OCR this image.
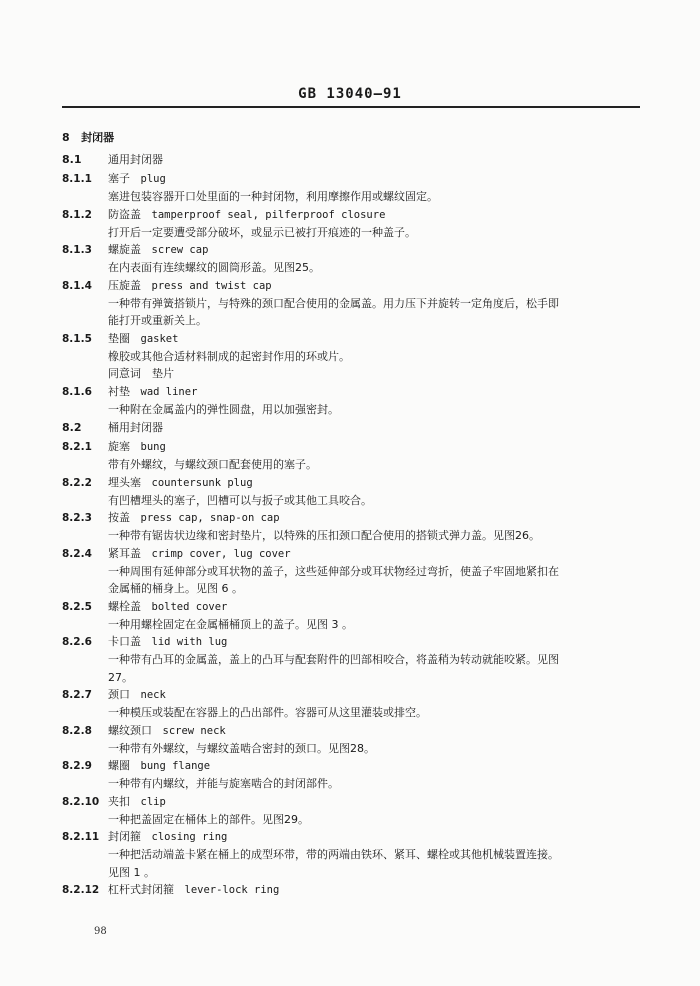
GB 13040—91
8 封闭器
8.1 通用封闭器
8.1.1	塞子 plug
塞进包装容器开口处里面的一种封闭物，利用摩擦作用或螺纹固定。
8.1.2	防盗盖 tamperproof seal, pilferproof closure
打开后一定要遭受部分破坏，或显示已被打开痕迹的一种盖子。
8.1.3	螺旋盖 screw cap
在内表面有连续螺纹的圆筒形盖。见图25。
8.1.4	压旋盖 press and twist cap
一种带有弹簧搭锁片，与特殊的颈口配合使用的金属盖。用力压下并旋转一定角度后，松手即
能打开或重新关上。
8.1.5	垫圈 gasket
橡胶或其他合适材料制成的起密封作用的环或片。
同意词　垫片
8.1.6	衬垫 wad liner
一种附在金属盖内的弹性圆盘，用以加强密封。
8.2 桶用封闭器
8.2.1	旋塞 bung
带有外螺纹，与螺纹颈口配套使用的塞子。
8.2.2	埋头塞 countersunk plug
有凹槽埋头的塞子，凹槽可以与扳子或其他工具咬合。
8.2.3	按盖 press cap, snap-on cap
一种带有锯齿状边缘和密封垫片，以特殊的压扣颈口配合使用的搭锁式弹力盖。见图26。
8.2.4	紧耳盖 crimp cover, lug cover
一种周围有延伸部分或耳状物的盖子，这些延伸部分或耳状物经过弯折，使盖子牢固地紧扣在
金属桶的桶身上。见图 6 。
8.2.5	螺栓盖 bolted cover
一种用螺栓固定在金属桶桶顶上的盖子。见图 3 。
8.2.6	卡口盖 lid with lug
一种带有凸耳的金属盖，盖上的凸耳与配套附件的凹部相咬合，将盖稍为转动就能咬紧。见图
27。
8.2.7	颈口 neck
一种模压或装配在容器上的凸出部件。容器可从这里灌装或排空。
8.2.8	螺纹颈口 screw neck
一种带有外螺纹，与螺纹盖啮合密封的颈口。见图28。
8.2.9	螺圈 bung flange
一种带有内螺纹，并能与旋塞啮合的封闭部件。
8.2.10 夹扣 clip
一种把盖固定在桶体上的部件。见图29。
8.2.11 封闭箍 closing ring
一种把活动端盖卡紧在桶上的成型环带，带的两端由铁环、紧耳、螺栓或其他机械装置连接。
见图 1 。
8.2.12 杠杆式封闭箍 lever-lock ring
98
